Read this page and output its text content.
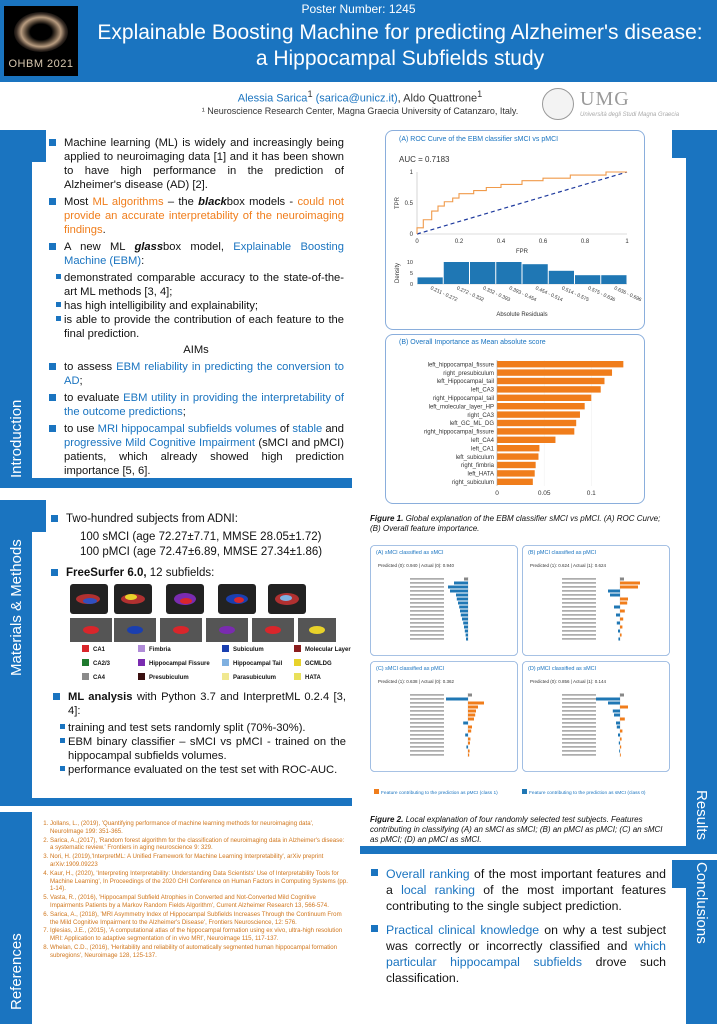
Poster Number: 1245
OHBM 2021
Explainable Boosting Machine for predicting Alzheimer's disease:
a Hippocampal Subfields study
Alessia Sarica$^1$ (sarica@unicz.it), Aldo Quattrone$^1$
¹ Neuroscience Research Center, Magna Graecia University of Catanzaro, Italy.
UMG
Università degli Studi Magna Graecia
Introduction
Machine learning (ML) is widely and increasingly being applied to neuroimaging data [1] and it has been shown to have high performance in the prediction of Alzheimer's disease (AD) [2].
Most ML algorithms – the blackbox models - could not provide an accurate interpretability of the neuroimaging findings.
A new ML glassbox model, Explainable Boosting Machine (EBM):
demonstrated comparable accuracy to the state-of-the-art ML methods [3, 4];
has high intelligibility and explainability;
is able to provide the contribution of each feature to the final prediction.
AIMs
to assess EBM reliability in predicting the conversion to AD;
to evaluate EBM utility in providing the interpretability of the outcome predictions;
to use MRI hippocampal subfields volumes of stable and progressive Mild Cognitive Impairment (sMCI and pMCI) patients, which already showed high prediction importance [5, 6].
Materials & Methods
Two-hundred subjects from ADNI:
100 sMCI (age 72.27±7.71, MMSE 28.05±1.72)
100 pMCI (age 72.47±6.89, MMSE 27.34±1.86)
FreeSurfer 6.0, 12 subfields:
CA1	Fimbria	Subiculum	Molecular Layer
CA2/3	Hippocampal Fissure	Hippocampal Tail	GCMLDG
CA4	Presubiculum	Parasubiculum	HATA
ML analysis with Python 3.7 and InterpretML 0.2.4 [3, 4]:
training and test sets randomly split (70%-30%).
EBM binary classifier – sMCI vs pMCI - trained on the hippocampal subfields volumes.
performance evaluated on the test set with ROC-AUC.
References
1. Jollans, L., (2019), 'Quantifying performance of machine learning methods for neuroimaging data', NeuroImage 199: 351-365.
2. Sarica, A.,(2017), 'Random forest algorithm for the classification of neuroimaging data in Alzheimer's disease: a systematic review.' Frontiers in aging neuroscience 9: 329.
3. Nori, H. (2019),'InterpretML: A Unified Framework for Machine Learning Interpretability', arXiv preprint arXiv:1909.09223
4. Kaur, H., (2020), 'Interpreting Interpretability: Understanding Data Scientists' Use of Interpretability Tools for Machine Learning', In Proceedings of the 2020 CHI Conference on Human Factors in Computing Systems (pp. 1-14).
5. Vasta, R., (2016), 'Hippocampal Subfield Atrophies in Converted and Not-Converted Mild Cognitive Impairments Patients by a Markov Random Fields Algorithm', Current Alzheimer Research 13, 566-574.
6. Sarica, A., (2018), 'MRI Asymmetry Index of Hippocampal Subfields Increases Through the Continuum From the Mild Cognitive Impairment to the Alzheimer's Disease', Frontiers Neuroscience, 12: 576.
7. Iglesias, J.E., (2015), 'A computational atlas of the hippocampal formation using ex vivo, ultra-high resolution MRI: Application to adaptive segmentation of in vivo MRI', Neuroimage 115, 117-137.
8. Whelan, C.D., (2016), 'Heritability and reliability of automatically segmented human hippocampal formation subregions', Neuroimage 128, 125-137.
(A) ROC Curve of the EBM classifier sMCI vs pMCI
AUC = 0.7183
0	0.2	0.4	0.6	0.8	1
0
0.5
1
FPR
TPR
0
5
10
0.211 - 0.272
0.272 - 0.332
0.332 - 0.393
0.393 - 0.454
0.454 - 0.514
0.514 - 0.575
0.575 - 0.636
0.636 - 0.696
Density
Absolute Residuals
(B) Overall Importance as Mean absolute score
0	0.05	0.1
left_hippocampal_fissure
right_presubiculum
left_Hippocampal_tail
left_CA3
right_Hippocampal_tail
left_molecular_layer_HP
right_CA3
left_GC_ML_DG
right_hippocampal_fissure
left_CA4
left_CA1
left_subiculum
right_fimbria
left_HATA
right_subiculum
Figure 1. Global explanation of the EBM classifier sMCI vs pMCI. (A) ROC Curve; (B) Overall feature importance.
(A) sMCI classified as sMCI
Predicted (0): 0.940 | Actual (0): 0.940
(B) pMCI classified as pMCI
Predicted (1): 0.624 | Actual (1): 0.624
(C) sMCI classified as pMCI
Predicted (1): 0.638 | Actual (0): 0.362
(D) pMCI classified as sMCI
Predicted (0): 0.856 | Actual (1): 0.144
Feature contributing to the prediction as pMCI (class 1)	Feature contributing to the prediction as sMCI (class 0)
Figure 2. Local explanation of four randomly selected test subjects. Features contributing in classifying (A) an sMCI as sMCI; (B) an pMCI as pMCI; (C) an sMCI as pMCI; (D) an pMCI as sMCI.	Results
Conclusions
Overall ranking of the most important features and a local ranking of the most important features contributing to the single subject prediction.
Practical clinical knowledge on why a test subject was correctly or incorrectly classified and which particular hippocampal subfields drove such classification.
